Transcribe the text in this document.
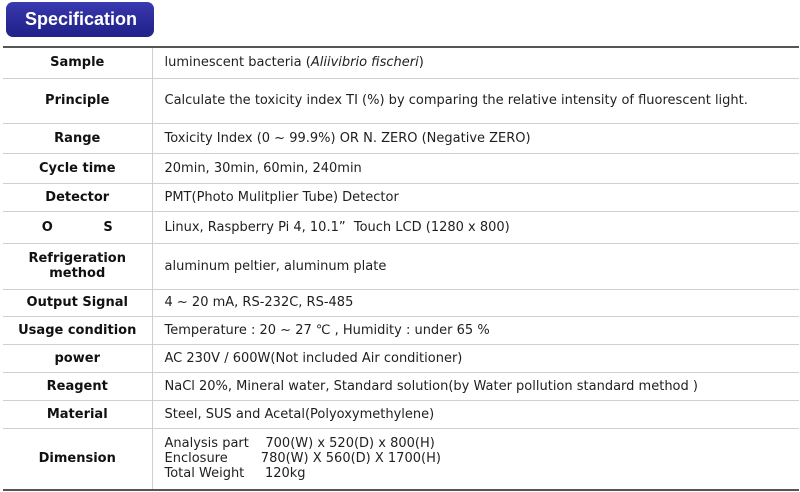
Specification
Sample	luminescent bacteria (Aliivibrio fischeri)
Principle	Calculate the toxicity index TI (%) by comparing the relative intensity of fluorescent light.
Range	Toxicity Index (0 ~ 99.9%) OR N. ZERO (Negative ZERO)
Cycle time	20min, 30min, 60min, 240min
Detector	PMT(Photo Mulitplier Tube) Detector
O S	Linux, Raspberry Pi 4, 10.1”  Touch LCD (1280 x 800)
Refrigeration method	aluminum peltier, aluminum plate
Output Signal	4 ~ 20 mA, RS-232C, RS-485
Usage condition	Temperature : 20 ~ 27 ℃ , Humidity : under 65 %
power	AC 230V / 600W(Not included Air conditioner)
Reagent	NaCl 20%, Mineral water, Standard solution(by Water pollution standard method )
Material	Steel, SUS and Acetal(Polyoxymethylene)
Dimension	Analysis part    700(W) x 520(D) x 800(H)
Enclosure        780(W) X 560(D) X 1700(H)
Total Weight     120kg
